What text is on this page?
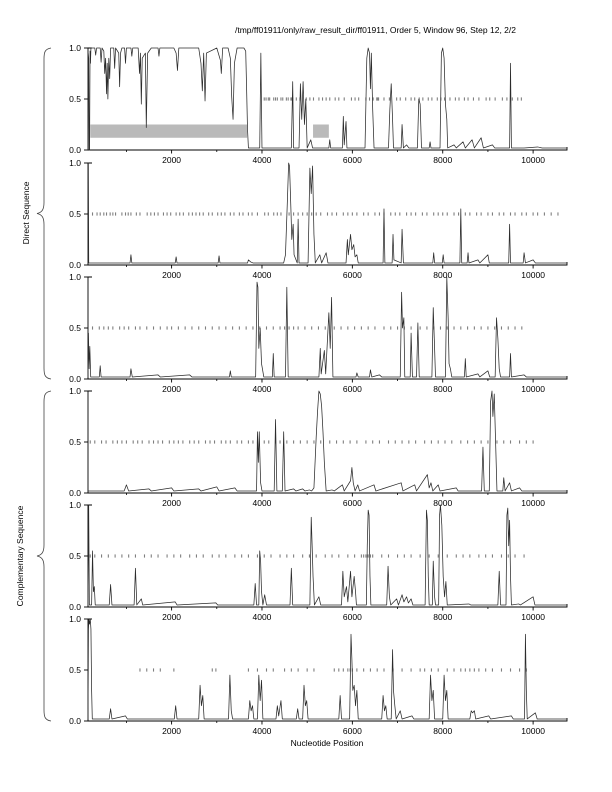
/tmp/ff01911/only/raw_result_dir/ff01911, Order 5, Window 96, Step 12, 2/2
Direct Sequence
Complementary Sequence
Nucleotide Position
1.0
0.5
0.0
2000	4000	6000	8000	10000
1.0
0.5
0.0
2000	4000	6000	8000	10000
1.0
0.5
0.0
2000	4000	6000	8000	10000
1.0
0.5
0.0
2000	4000	6000	8000	10000
1.0
0.5
0.0
2000	4000	6000	8000	10000
1.0
0.5
0.0
2000	4000	6000	8000	10000
